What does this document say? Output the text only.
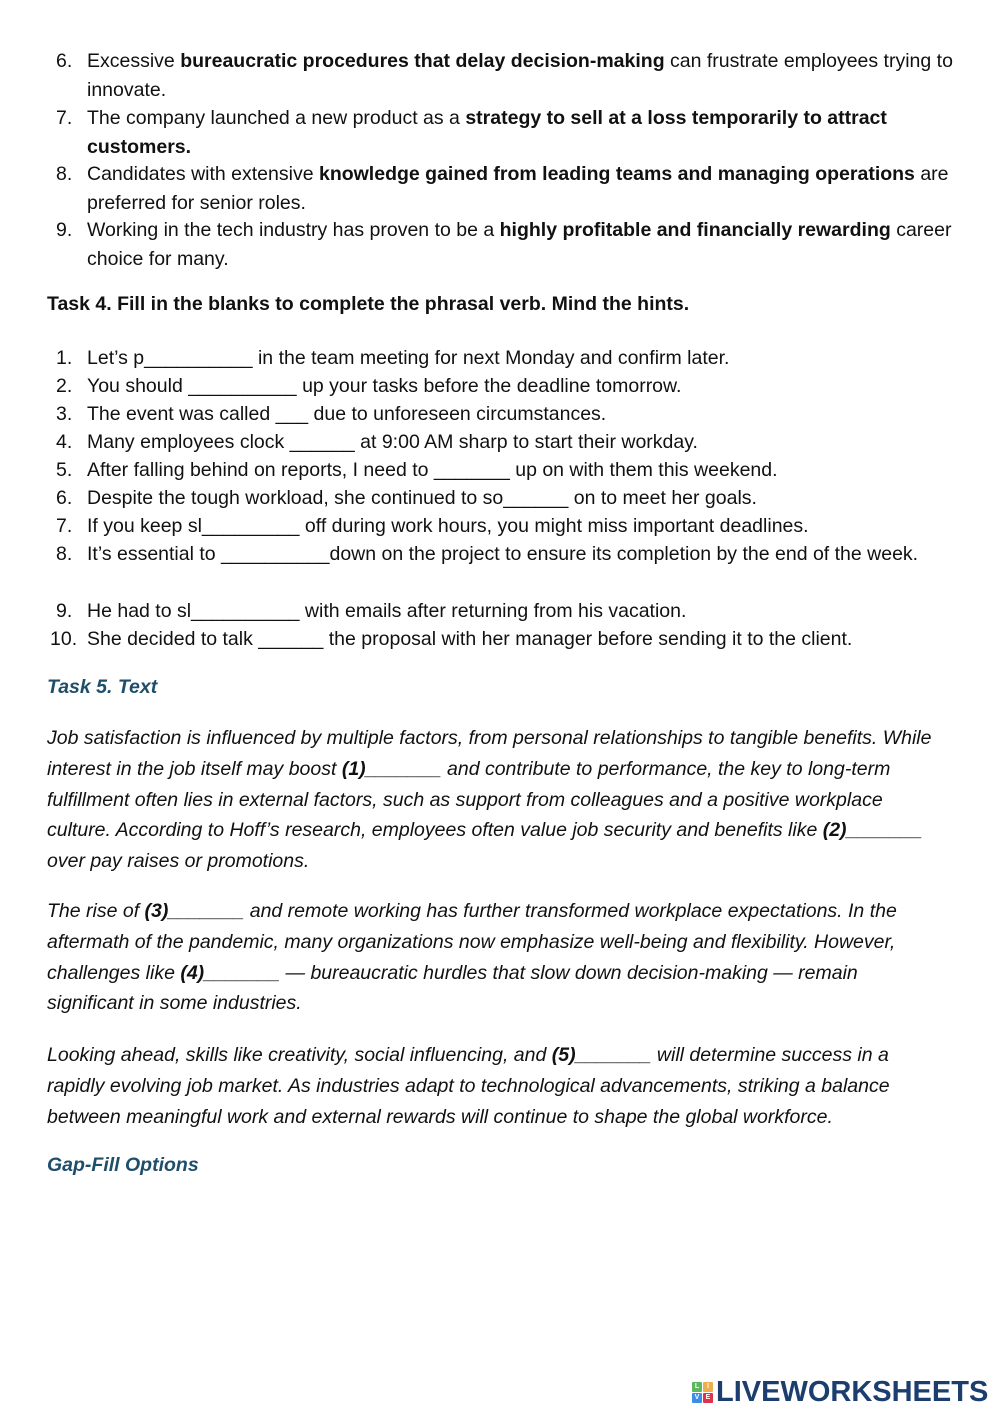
6. Excessive bureaucratic procedures that delay decision-making can frustrate employees trying to innovate.
7. The company launched a new product as a strategy to sell at a loss temporarily to attract customers.
8. Candidates with extensive knowledge gained from leading teams and managing operations are preferred for senior roles.
9. Working in the tech industry has proven to be a highly profitable and financially rewarding career choice for many.
Task 4. Fill in the blanks to complete the phrasal verb. Mind the hints.
1. Let’s p__________ in the team meeting for next Monday and confirm later.
2. You should __________ up your tasks before the deadline tomorrow.
3. The event was called ___ due to unforeseen circumstances.
4. Many employees clock ______ at 9:00 AM sharp to start their workday.
5. After falling behind on reports, I need to _______ up on with them this weekend.
6. Despite the tough workload, she continued to so______ on to meet her goals.
7. If you keep sl_________ off during work hours, you might miss important deadlines.
8. It’s essential to __________down on the project to ensure its completion by the end of the week.
9. He had to sl__________ with emails after returning from his vacation.
10. She decided to talk ______ the proposal with her manager before sending it to the client.
Task 5. Text
Job satisfaction is influenced by multiple factors, from personal relationships to tangible benefits. While interest in the job itself may boost (1)_______ and contribute to performance, the key to long-term fulfillment often lies in external factors, such as support from colleagues and a positive workplace culture. According to Hoff’s research, employees often value job security and benefits like (2)_______ over pay raises or promotions.
The rise of (3)_______ and remote working has further transformed workplace expectations. In the aftermath of the pandemic, many organizations now emphasize well-being and flexibility. However, challenges like (4)_______ — bureaucratic hurdles that slow down decision-making — remain significant in some industries.
Looking ahead, skills like creativity, social influencing, and (5)_______ will determine success in a rapidly evolving job market. As industries adapt to technological advancements, striking a balance between meaningful work and external rewards will continue to shape the global workforce.
Gap-Fill Options
L	I
V E LIVEWORKSHEETS
